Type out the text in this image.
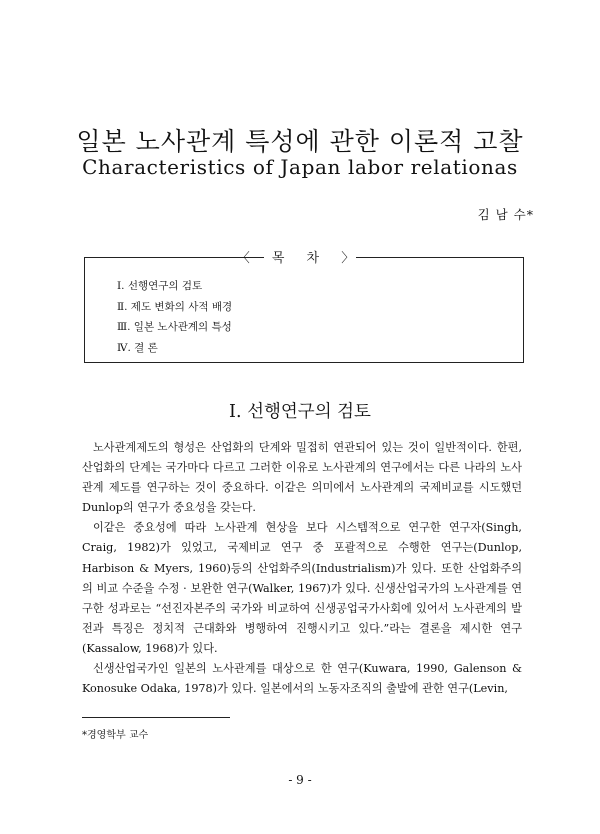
일본 노사관계 특성에 관한 이론적 고찰
Characteristics of Japan labor relationas
김 남 수*
〈 목 차 〉
Ⅰ. 선행연구의 검토
Ⅱ. 제도 변화의 사적 배경
Ⅲ. 일본 노사관계의 특성
Ⅳ. 결 론
Ⅰ. 선행연구의 검토

노사관계제도의 형성은 산업화의 단계와 밀접히 연관되어 있는 것이 일반적이다. 한편, 산업화의 단계는 국가마다 다르고 그러한 이유로 노사관계의 연구에서는 다른 나라의 노사관계 제도를 연구하는 것이 중요하다. 이같은 의미에서 노사관계의 국제비교를 시도했던 Dunlop의 연구가 중요성을 갖는다.

이같은 중요성에 따라 노사관계 현상을 보다 시스템적으로 연구한 연구자(Singh, Craig, 1982)가 있었고, 국제비교 연구 중 포괄적으로 수행한 연구는(Dunlop, Harbison & Myers, 1960)등의 산업화주의(Industrialism)가 있다. 또한 산업화주의의 비교 수준을 수정 · 보완한 연구(Walker, 1967)가 있다. 신생산업국가의 노사관계를 연구한 성과로는 “선진자본주의 국가와 비교하여 신생공업국가사회에 있어서 노사관계의 발전과 특징은 정치적 근대화와 병행하여 진행시키고 있다.”라는 결론을 제시한 연구(Kassalow, 1968)가 있다.

신생산업국가인 일본의 노사관계를 대상으로 한 연구(Kuwara, 1990, Galenson & Konosuke Odaka, 1978)가 있다. 일본에서의 노동자조직의 출발에 관한 연구(Levin,

*경영학부 교수
- 9 -
